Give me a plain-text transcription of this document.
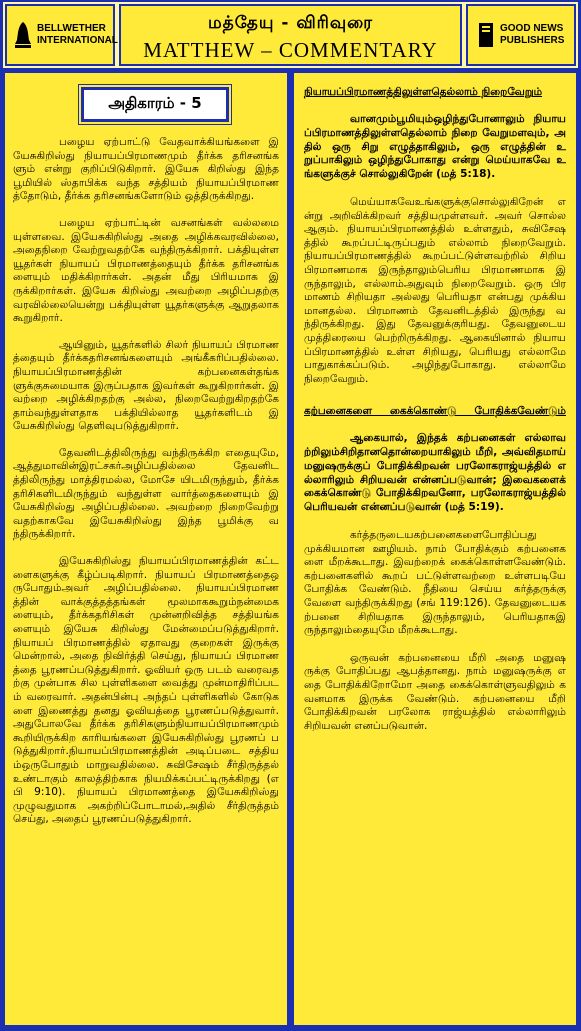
BELLWETHER INTERNATIONAL
மத்தேயு - விரிவுரை
MATTHEW – COMMENTARY
GOOD NEWS PUBLISHERS
அதிகாரம் - 5

பழைய ஏற்பாட்டு வேதவாக்கியங்களை இயேசுகிறிஸ்து நியாயப்பிரமாணமும் தீர்க்க தரிசனங்களும் என்று குறிப்பிடுகிறார். இயேசு கிறிஸ்து இந்த பூமியில் ஸ்தாபிக்க வந்த சத்தியம் நியாயப்பிரமாணத்தோடும், தீர்க்க தரிசனங்களோடும் ஒத்திருக்கிறது.

பழைய ஏற்பாட்டின் வசனங்கள் வல்லமை யுள்ளவை. இயேசுகிறிஸ்து அதை அழிக்கவரவில்லை,அதைநிறை வேற்றுவதற்கே வந்திருக்கிறார். பக்தியுள்ள யூதர்கள் நியாயப் பிரமாணத்தையும் தீர்க்க தரிசனங்களையும் மதிக்கிறார்கள். அதன் மீது பிரியமாக இருக்கிறார்கள். இயேசு கிறிஸ்து அவற்றை அழிப்பதற்கு வரவில்லையென்று பக்தியுள்ள யூதர்களுக்கு ஆறுதலாக கூறுகிறார்.

ஆயினும், யூதர்களில் சிலர் நியாயப் பிரமாணத்தையும் தீர்க்கதரிசனங்களையும் அங்கீகரிப்பதில்லை. நியாயப்பிரமாணத்தின் கற்பனைகள்தங்களுக்குசுமையாக இருப்பதாக இவர்கள் கூறுகிறார்கள். இவற்றை அழிக்கிறதற்கு அல்ல, நிறைவேற்றுகிறதற்கே தாம்வந்துள்ளதாக பக்தியில்லாத யூதர்களிடம் இயேசுகிறிஸ்து தெளிவுபடுத்துகிறார்.

தேவனிடத்திலிருந்து வந்திருக்கிற எதையுமே,ஆத்துமாவின்இரட்சகர்அழிப்பதில்லை தேவனிடத்திலிருந்து மாத்திரமல்ல, மோசே யிடமிருந்தும், தீர்க்க தரிசிகளிடமிருந்தும் வந்துள்ள வார்த்தைகளையும் இயேசுகிறிஸ்து அழிப்பதில்லை. அவற்றை நிறைவேற்று வதற்காகவே இயேசுகிறிஸ்து இந்த பூமிக்கு வந்திருக்கிறார்.

இயேசுகிறிஸ்து நியாயப்பிரமாணத்தின் கட்டளைகளுக்கு கீழ்ப்படிகிறார். நியாயப் பிரமாணத்தைஒருபோதும்அவர் அழிப்பதில்லை. நியாயப்பிரமாணத்தின் வாக்குத்தத்தங்கள் மூலமாககூறும்நன்மைகளையும், தீர்க்கதரிசிகள் முன்னறிவித்த சத்தியங்களையும் இயேசு கிறிஸ்து மேன்மைப்படுத்துகிறார். நியாயப் பிரமாணத்தில் ஏதாவது குறைகள் இருக்கு மென்றால், அதை நிவிர்த்தி செய்து, நியாயப் பிரமாணத்தை பூரணப்படுத்துகிறார். ஓவியர் ஒரு படம் வரைவதற்கு முன்பாக சில புள்ளிகளை வைத்து முன்மாதிரிப்படம் வரைவார். அதன்பின்பு அந்தப் புள்ளிகளில் கோடுகளை இணைத்து தனது ஓவியத்தை பூரணப்படுத்துவார். அதுபோலவே தீர்க்க தரிசிகளும்நியாயப்பிரமாணமும் கூறியிருக்கிற காரியங்களை இயேசுகிறிஸ்து பூரணப் படுத்துகிறார்.நியாயப்பிரமாணத்தின் அடிப்படை சத்தியம்ஒருபோதும் மாறுவதில்லை. சுவிசேஷம் சீர்திருத்தல் உண்டாகும் காலத்திற்காக நியமிக்கப்பட்டிருக்கிறது (எபி 9:10). நியாயப் பிரமாணத்தை இயேசுகிறிஸ்து முழுவதுமாக அகற்றிப்போடாமல்,அதில் சீர்திருத்தம் செய்து, அதைப் பூரணப்படுத்துகிறார்.

நியாயப்பிரமாணத்திலுள்ளதெல்லாம் நிறைவேறும்

வானமும்பூமியும்ஒழிந்துபோனாலும் நியாயப்பிரமாணத்திலுள்ளதெல்லாம் நிறை வேறுமளவும், அதில் ஒரு சிறு எழுத்தாகிலும், ஒரு எழுத்தின் உறுப்பாகிலும் ஒழிந்துபோகாது என்று மெய்யாகவே உங்களுக்குச் சொல்லுகிறேன் (மத் 5:18).

மெய்யாகவேஉங்களுக்குசொல்லுகிறேன் என்று அறிவிக்கிறவர் சத்தியமுள்ளவர். அவர் சொல்ல ஆகும். நியாயப்பிரமாணத்தில் உள்ளதும், சுவிசேஷத்தில் கூறப்பட்டிருப்பதும் எல்லாம் நிறைவேறும். நியாயப்பிரமாணத்தில் கூறப்பட்டுள்ளவற்றில் சிறிய பிரமாணமாக இருந்தாலும்பெரிய பிரமாணமாக இருந்தாலும், எல்லாம்அதுவும் நிறைவேறும். ஒரு பிரமாணம் சிறியதா அல்லது பெரியதா என்பது முக்கியமானதல்ல. பிரமாணம் தேவனிடத்தில் இருந்து வந்திருக்கிறது. இது தேவனுக்குரியது. தேவனுடைய முத்திரையை பெற்றிருக்கிறது. ஆகையினால் நியாயப்பிரமாணத்தில் உள்ள சிறியது, பெரியது எல்லாமே பாதுகாக்கப்படும். அழிந்துபோகாது. எல்லாமே நிறைவேறும்.

கற்பனைகளை கைக்கொண்டு போதிக்கவேண்டும்

ஆகையால், இந்தக் கற்பனைகள் எல்லாவற்றிலும்சிறிதானதொன்றையாகிலும் மீறி, அவ்விதமாய் மனுஷருக்குப் போதிக்கிறவன் பரலோகராஜ்யத்தில் எல்லாரிலும் சிறியவன் என்னப்படுவான்; இவைகளைக் கைக்கொண்டு போதிக்கிறவனோ, பரலோகராஜ்யத்தில் பெரியவன் என்னப்படுவான் (மத் 5:19).

கர்த்தருடையகற்பனைகளைபோதிப்பது முக்கியமான ஊழியம். நாம் போதிக்கும் கற்பனைகளை மீறக்கூடாது. இவற்றைக் கைக்கொள்ளவேண்டும். கற்பனைகளில் கூறப் பட்டுள்ளவற்றை உள்ளபடியே போதிக்க வேண்டும். நீதியை செய்ய கர்த்தருக்கு வேளை வந்திருக்கிறது (சங் 119:126). தேவனுடையகற்பனை சிறியதாக இருந்தாலும், பெரியதாகஇருந்தாலும்தையுமே மீறக்கூடாது.

ஒருவன் கற்பனையை மீறி அதை மனுஷருக்கு போதிப்பது ஆபத்தானது. நாம் மனுஷருக்கு எதை போதிக்கிறோமோ அதை கைக்கொள்ளுவதிலும் கவனமாக இருக்க வேண்டும். கற்பனையை மீறி போதிக்கிறவன் பரலோக ராஜ்யத்தில் எல்லாரிலும் சிறியவன் எனப்படுவான்.
